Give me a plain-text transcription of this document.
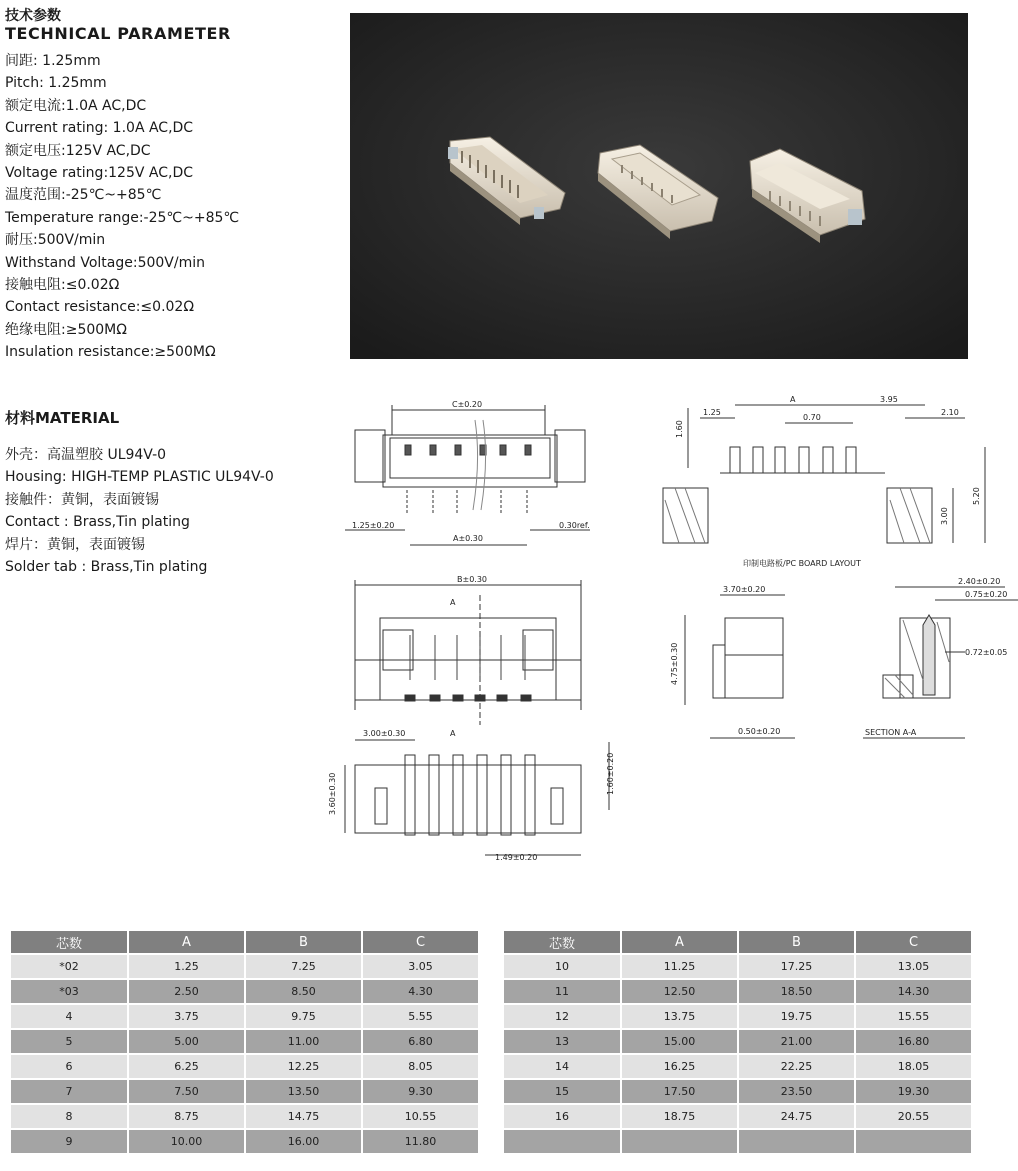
技术参数
TECHNICAL PARAMETER
间距: 1.25mm
Pitch: 1.25mm
额定电流:1.0A AC,DC
Current rating: 1.0A AC,DC
额定电压:125V AC,DC
Voltage rating:125V AC,DC
温度范围:-25℃~+85℃
Temperature range:-25℃~+85℃
耐压:500V/min
Withstand Voltage:500V/min
接触电阻:≤0.02Ω
Contact resistance:≤0.02Ω
绝缘电阻:≥500MΩ
Insulation resistance:≥500MΩ
材料MATERIAL
外壳：高温塑胶 UL94V-0
Housing: HIGH-TEMP PLASTIC UL94V-0
接触件：黄铜，表面镀锡
Contact : Brass,Tin plating
焊片：黄铜，表面镀锡
Solder tab : Brass,Tin plating
C±0.20
A±0.30
1.25±0.20	0.30ref.
B±0.30
A
A
3.00±0.30
3.60±0.30	1.60±0.20
1.49±0.20
A	3.95
1.25
0.70
2.10
1.60
3.00
5.20
印制电路板/PC BOARD LAYOUT
3.70±0.20
4.75±0.30
0.50±0.20
2.40±0.20
0.75±0.20
0.72±0.05
SECTION A-A
芯数	A	B	C
*02	1.25	7.25	3.05
*03	2.50	8.50	4.30
4	3.75	9.75	5.55
5	5.00	11.00	6.80
6	6.25	12.25	8.05
7	7.50	13.50	9.30
8	8.75	14.75	10.55
9	10.00	16.00	11.80
芯数	A	B	C
10	11.25	17.25	13.05
11	12.50	18.50	14.30
12	13.75	19.75	15.55
13	15.00	21.00	16.80
14	16.25	22.25	18.05
15	17.50	23.50	19.30
16	18.75	24.75	20.55
